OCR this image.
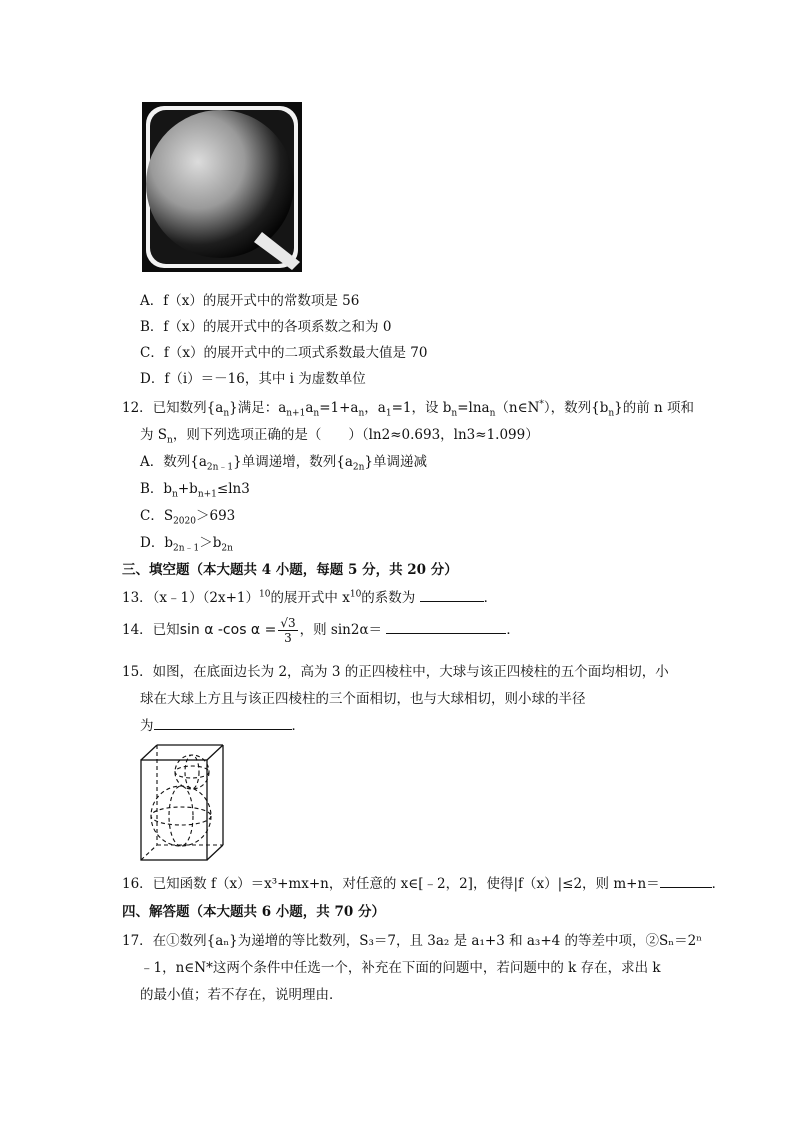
A．f（x）的展开式中的常数项是 56
B．f（x）的展开式中的各项系数之和为 0
C．f（x）的展开式中的二项式系数最大值是 70
D．f（i）＝－16，其中 i 为虚数单位
12．已知数列$\{a_n\}$满足：$a_{n+1}a_n=1+a_n$，$a_1=1$，设 $b_n=\ln a_n(n\in N^*)$，数列$\{b_n\}$的前 n 项和
为 $S_n$，则下列选项正确的是（　　）（ln2≈0.693，ln3≈1.099）
A．数列$\{a_{2n﹣1}\}$单调递增，数列$\{a_{2n}\}$单调递减
B．$b_n+b_{n+1}\le\ln 3$
C．$S_{2020}>693$
D．$b_{2n﹣1}>b_{2n}$
三、填空题（本大题共 4 小题，每题 5 分，共 20 分）
13．$(x﹣1)(2x+1)^{10}$的展开式中 $x^{10}$的系数为	．
14．已知sin α -cos $\alpha = \frac{√3}{3}$ ，则 sin2α＝	．
15．如图，在底面边长为 2，高为 3 的正四棱柱中，大球与该正四棱柱的五个面均相切，小
球在大球上方且与该正四棱柱的三个面相切，也与大球相切，则小球的半径
为	．
16．已知函数 f（x）＝x³+mx+n，对任意的 x∈[﹣2，2]，使得|f（x）|≤2，则 m+n＝	．
四、解答题（本大题共 6 小题，共 70 分）
17．在①数列{aₙ}为递增的等比数列，S₃＝7，且 3a₂ 是 a₁+3 和 a₃+4 的等差中项，②Sₙ＝2ⁿ
﹣1，n∈N*这两个条件中任选一个，补充在下面的问题中，若问题中的 k 存在，求出 k
的最小值；若不存在，说明理由．
